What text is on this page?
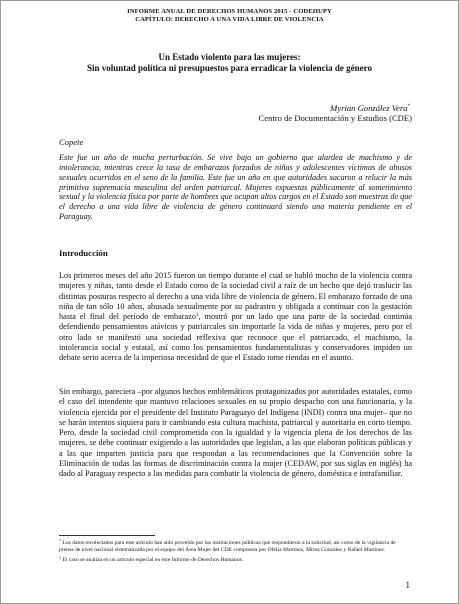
INFORME ANUAL DE DERECHOS HUMANOS 2015 - CODEHUPY
CAPÍTULO: DERECHO A UNA VIDA LIBRE DE VIOLENCIA
Un Estado violento para las mujeres:
Sin voluntad política ni presupuestos para erradicar la violencia de género
Myrian González Vera*
Centro de Documentación y Estudios (CDE)
Copete
Este fue un año de mucha perturbación. Se vive bajo un gobierno que alardea de machismo y de intolerancia, mientras crece la tasa de embarazos forzados de niñas y adolescentes víctimas de abusos sexuales ocurridos en el seno de la familia. Este fue un año en que autoridades sacaron a relucir la más primitiva supremacía masculina del orden patriarcal. Mujeres expuestas públicamente al sometimiento sexual y la violencia física por parte de hombres que ocupan altos cargos en el Estado son muestras de que el derecho a una vida libre de violencia de género continuará siendo una materia pendiente en el Paraguay.
Introducción
Los primeros meses del año 2015 fueron un tiempo durante el cual se habló mucho de la violencia contra mujeres y niñas, tanto desde el Estado como de la sociedad civil a raíz de un hecho que dejó traslucir las distintas posturas respecto al derecho a una vida libre de violencia de género. El embarazo forzado de una niña de tan sólo 10 años, abusada sexualmente por su padrastro y obligada a continuar con la gestación hasta el final del período de embarazo$^1$, mostró por un lado que una parte de la sociedad continúa defendiendo pensamientos atávicos y patriarcales sin importarle la vida de niñas y mujeres, pero por el otro lado se manifestó una sociedad reflexiva que reconoce que el patriarcado, el machismo, la intolerancia social y estatal, así como los pensamientos fundamentalistas y conservadores impiden un debate serio acerca de la imperiosa necesidad de que el Estado tome riendas en el asunto.
Sin embargo, pareciera –por algunos hechos emblemáticos protagonizados por autoridades estatales, como el caso del intendente que mantuvo relaciones sexuales en su propio despacho con una funcionaria, y la violencia ejercida por el presidente del Instituto Paraguayo del Indígena (INDI) contra una mujer– que no se harán intentos siquiera para ir cambiando esta cultura machista, patriarcal y autoritaria en corto tiempo. Pero, desde la sociedad civil comprometida con la igualdad y la vigencia plena de los derechos de las mujeres, se debe continuar exigiendo a las autoridades que legislan, a las que elaboran políticas públicas y a las que imparten justicia para que respondan a las recomendaciones que la Convención sobre la Eliminación de todas las formas de discriminación contra la mujer (CEDAW, por sus siglas en inglés) ha dado al Paraguay respecto a las medidas para combatir la violencia de género, doméstica e intrafamiliar.

* Los datos recolectados para este artículo han sido proveído por las instituciones públicas que respondieron a la solicitud, así como de la vigilancia de prensa de nivel nacional sistematizada por el equipo del Área Mujer del CDE compuesta por Ofelia Martínez, Mirna González y Rafael Martínez.

$^1$ El caso se analiza en un artículo especial en este Informe de Derechos Humanos.

1
